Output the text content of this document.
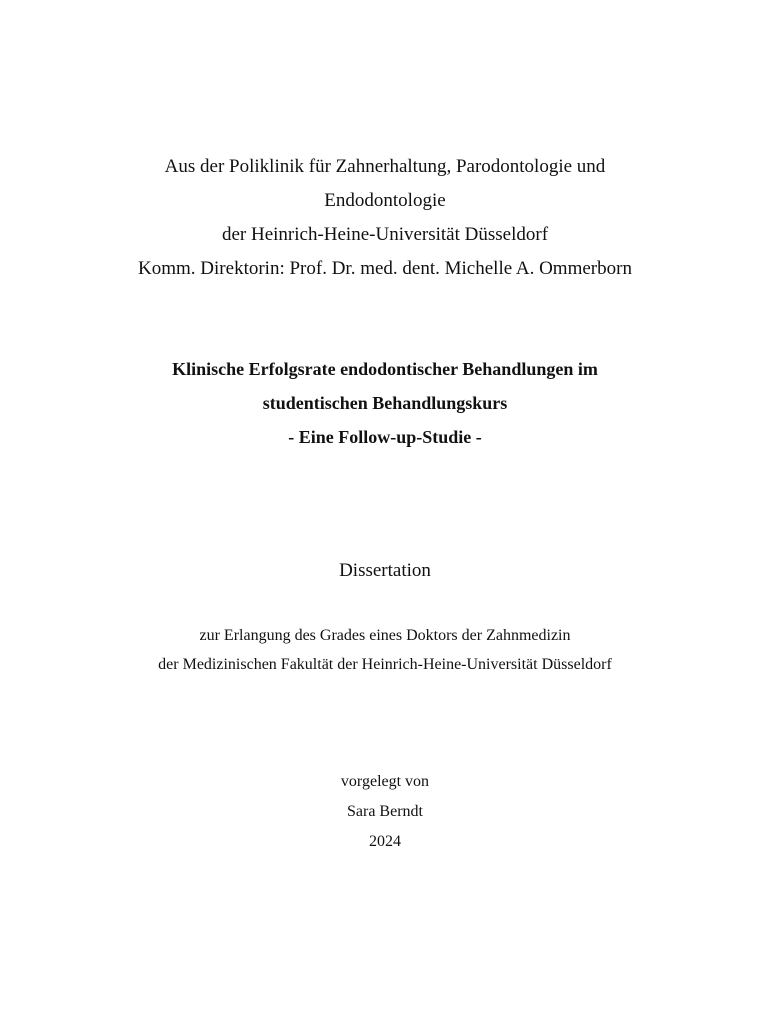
Aus der Poliklinik für Zahnerhaltung, Parodontologie und
Endodontologie
der Heinrich-Heine-Universität Düsseldorf
Komm. Direktorin: Prof. Dr. med. dent. Michelle A. Ommerborn
Klinische Erfolgsrate endodontischer Behandlungen im
studentischen Behandlungskurs
- Eine Follow-up-Studie -
Dissertation
zur Erlangung des Grades eines Doktors der Zahnmedizin
der Medizinischen Fakultät der Heinrich-Heine-Universität Düsseldorf
vorgelegt von
Sara Berndt
2024
